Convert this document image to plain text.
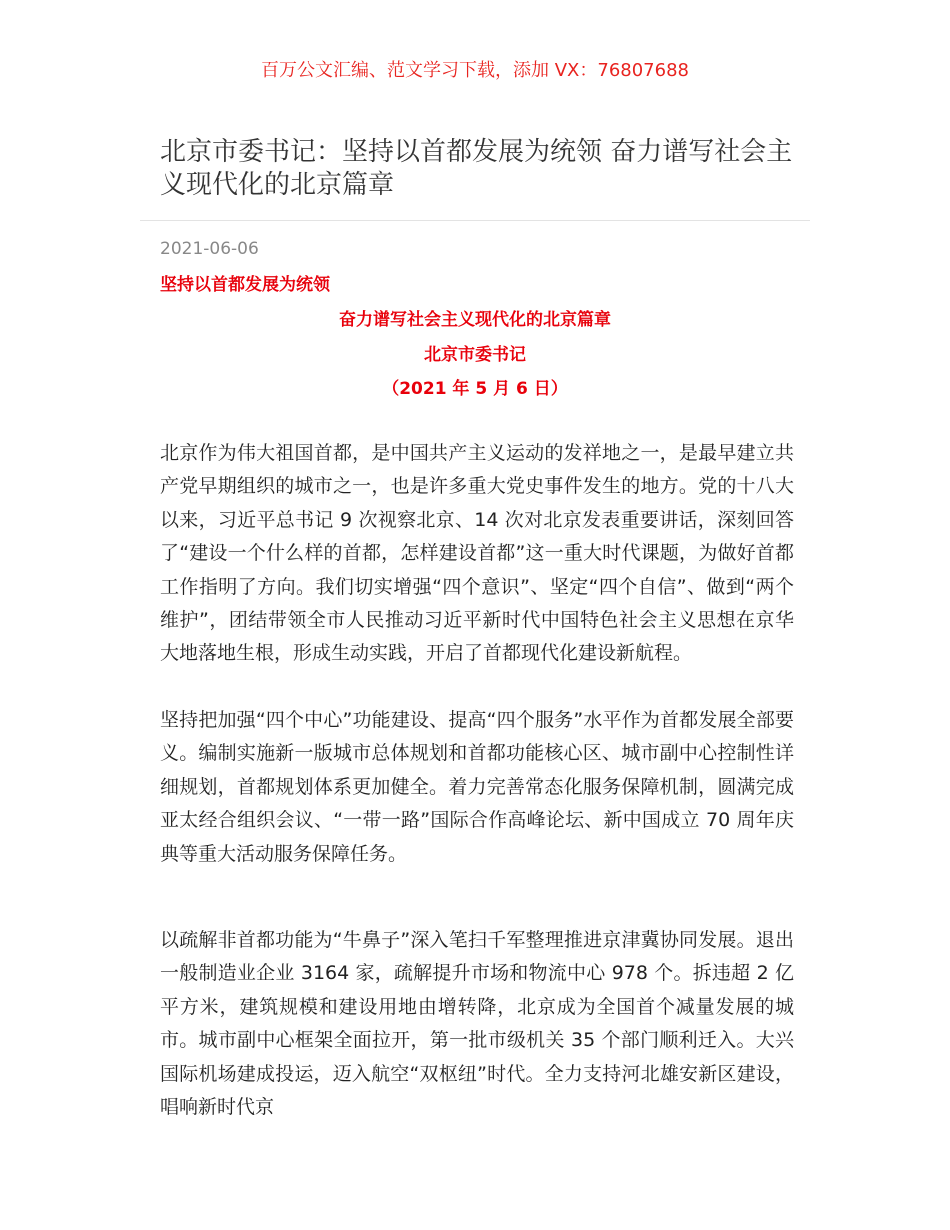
百万公文汇编、范文学习下载，添加 VX：76807688
北京市委书记：坚持以首都发展为统领 奋力谱写社会主义现代化的北京篇章
2021-06-06
坚持以首都发展为统领
奋力谱写社会主义现代化的北京篇章
北京市委书记
（2021 年 5 月 6 日）
北京作为伟大祖国首都，是中国共产主义运动的发祥地之一，是最早建立共产党早期组织的城市之一，也是许多重大党史事件发生的地方。党的十八大以来，习近平总书记 9 次视察北京、14 次对北京发表重要讲话，深刻回答了“建设一个什么样的首都，怎样建设首都”这一重大时代课题，为做好首都工作指明了方向。我们切实增强“四个意识”、坚定“四个自信”、做到“两个维护”，团结带领全市人民推动习近平新时代中国特色社会主义思想在京华大地落地生根，形成生动实践，开启了首都现代化建设新航程。
坚持把加强“四个中心”功能建设、提高“四个服务”水平作为首都发展全部要义。编制实施新一版城市总体规划和首都功能核心区、城市副中心控制性详细规划，首都规划体系更加健全。着力完善常态化服务保障机制，圆满完成亚太经合组织会议、“一带一路”国际合作高峰论坛、新中国成立 70 周年庆典等重大活动服务保障任务。
以疏解非首都功能为“牛鼻子”深入笔扫千军整理推进京津冀协同发展。退出一般制造业企业 3164 家，疏解提升市场和物流中心 978 个。拆违超 2 亿平方米，建筑规模和建设用地由增转降，北京成为全国首个减量发展的城市。城市副中心框架全面拉开，第一批市级机关 35 个部门顺利迁入。大兴国际机场建成投运，迈入航空“双枢纽”时代。全力支持河北雄安新区建设，唱响新时代京
